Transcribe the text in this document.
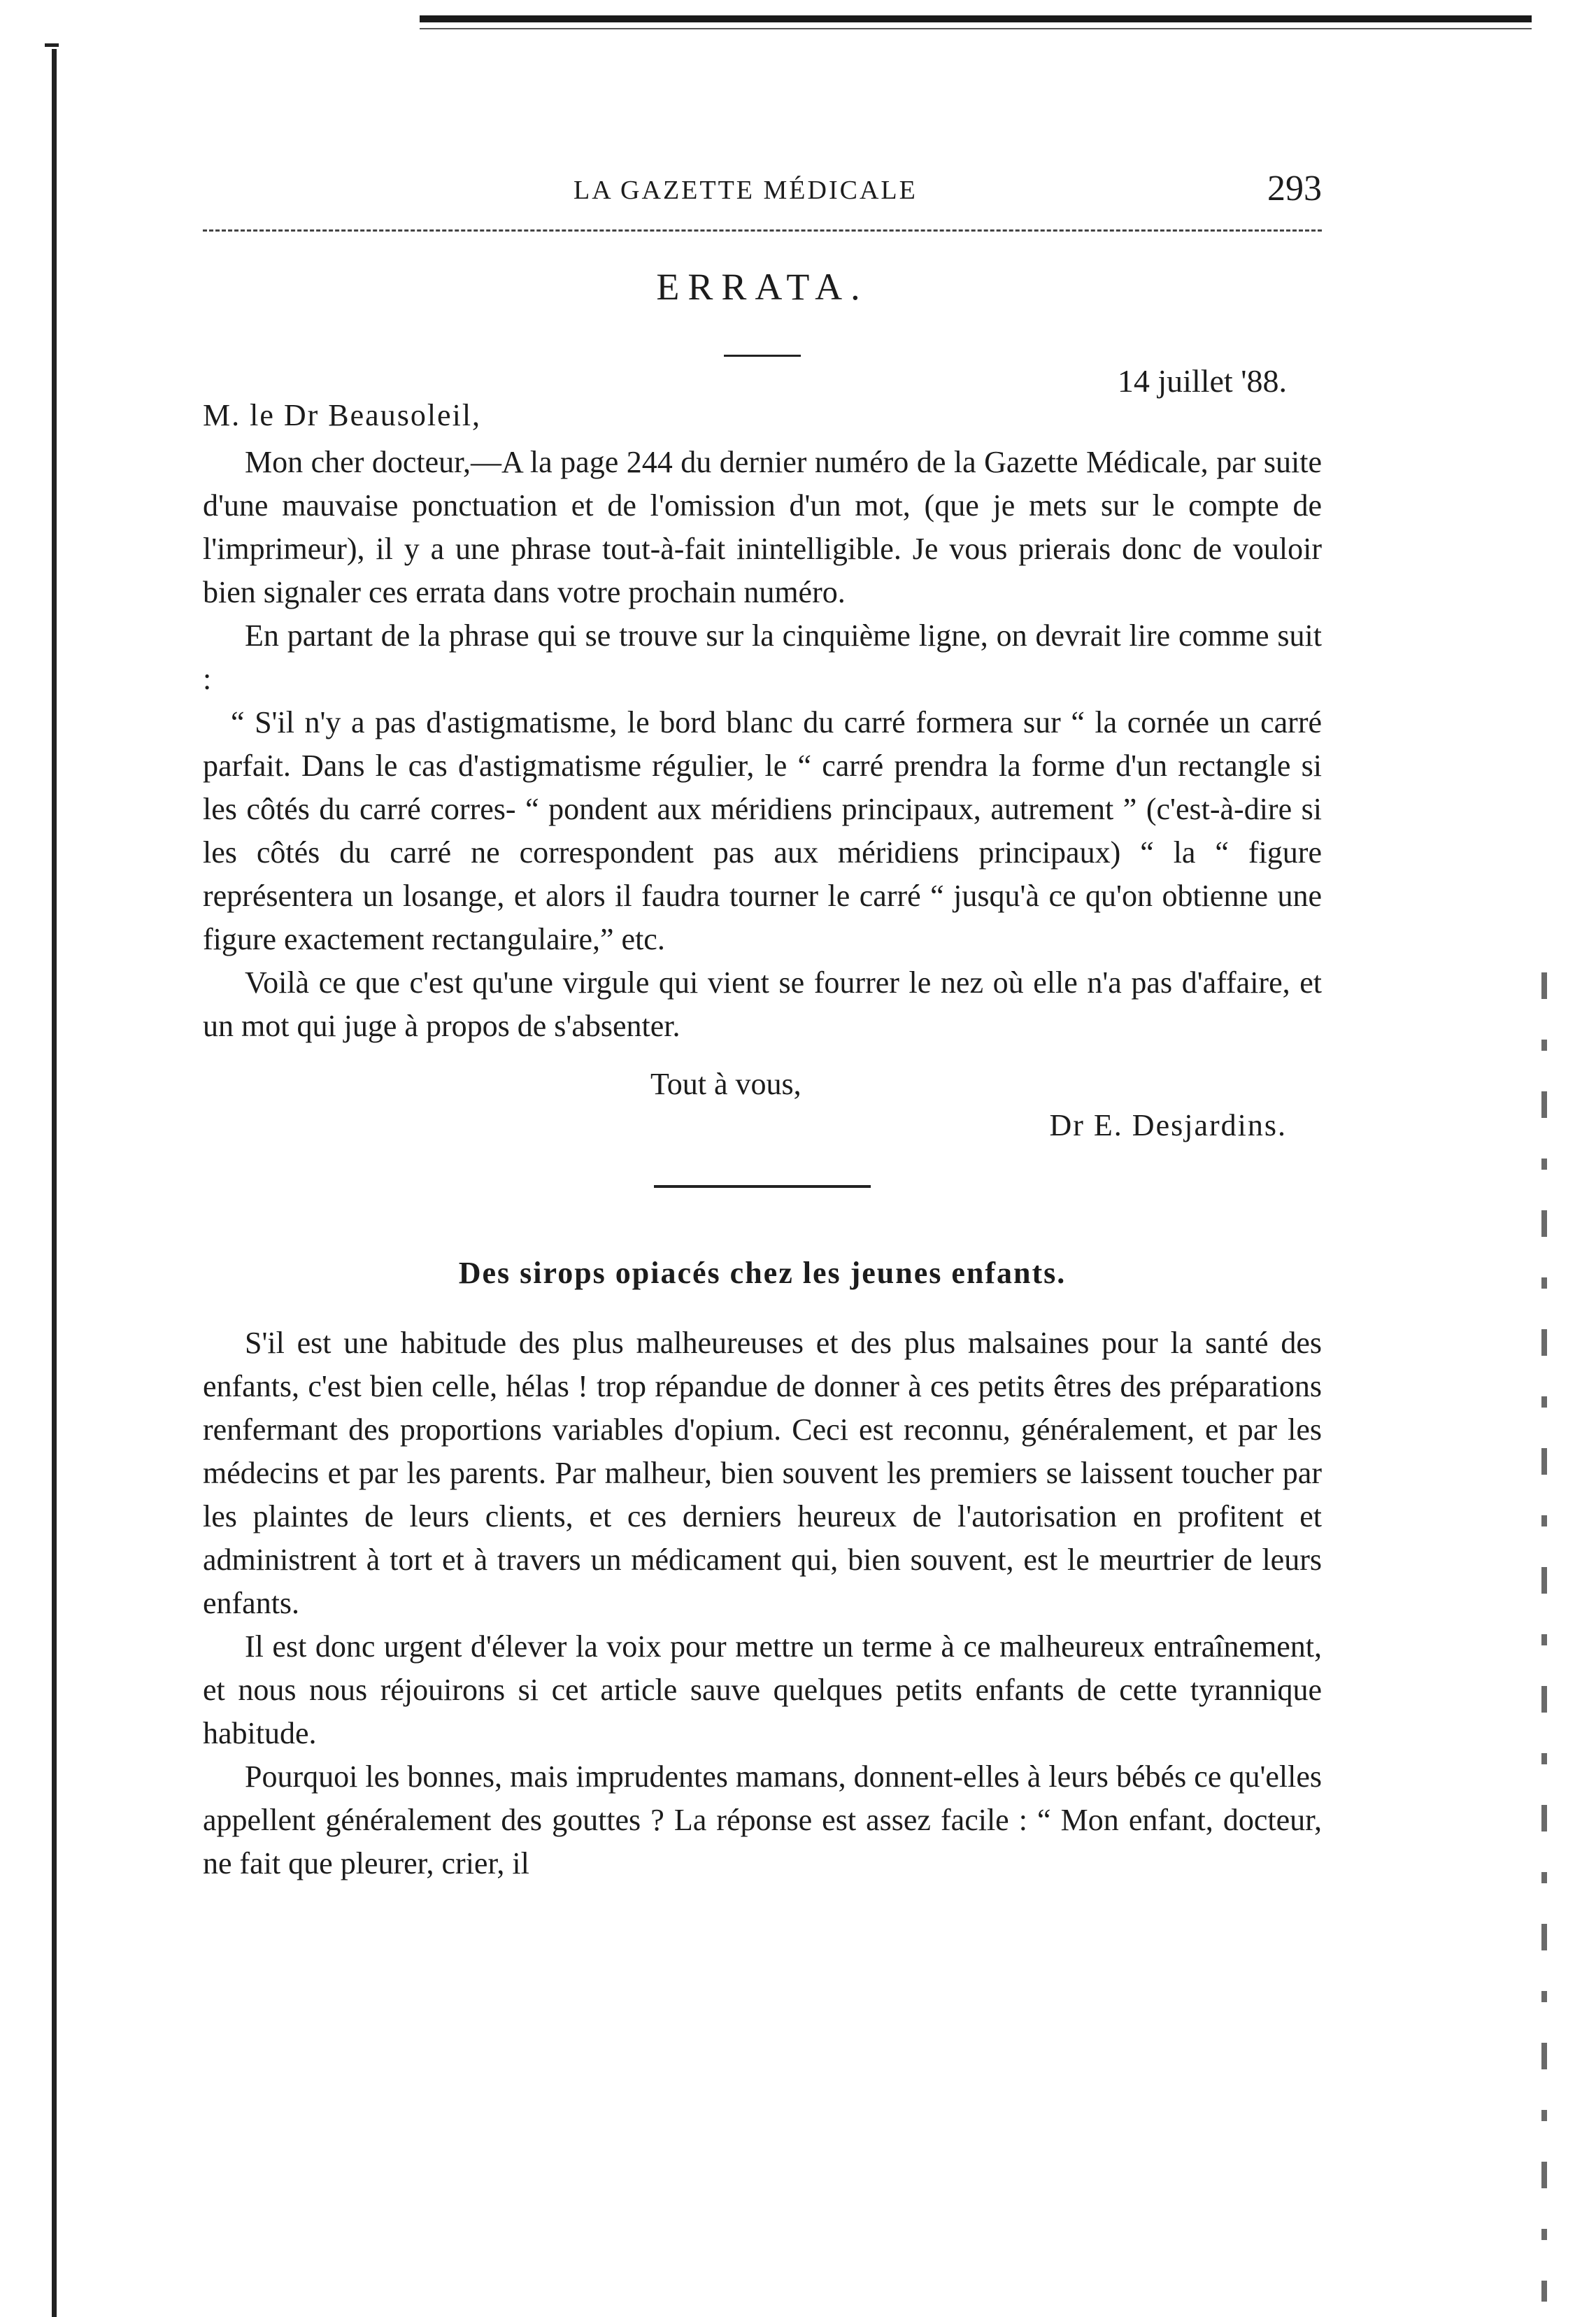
LA GAZETTE MÉDICALE	293
ERRATA.
14 juillet '88.
M. le Dr Beausoleil,

Mon cher docteur,—A la page 244 du dernier numéro de la Gazette Médicale, par suite d'une mauvaise ponctuation et de l'omission d'un mot, (que je mets sur le compte de l'imprimeur), il y a une phrase tout-à-fait inintelligible. Je vous prierais donc de vouloir bien signaler ces errata dans votre prochain numéro.

En partant de la phrase qui se trouve sur la cinquième ligne, on devrait lire comme suit :

“ S'il n'y a pas d'astigmatisme, le bord blanc du carré formera sur “ la cornée un carré parfait. Dans le cas d'astigmatisme régulier, le “ carré prendra la forme d'un rectangle si les côtés du carré corres- “ pondent aux méridiens principaux, autrement ” (c'est-à-dire si les côtés du carré ne correspondent pas aux méridiens principaux) “ la “ figure représentera un losange, et alors il faudra tourner le carré “ jusqu'à ce qu'on obtienne une figure exactement rectangulaire,” etc.

Voilà ce que c'est qu'une virgule qui vient se fourrer le nez où elle n'a pas d'affaire, et un mot qui juge à propos de s'absenter.

Tout à vous,
Dr E. Desjardins.
Des sirops opiacés chez les jeunes enfants.

S'il est une habitude des plus malheureuses et des plus malsaines pour la santé des enfants, c'est bien celle, hélas ! trop répandue de donner à ces petits êtres des préparations renfermant des proportions variables d'opium. Ceci est reconnu, généralement, et par les médecins et par les parents. Par malheur, bien souvent les premiers se laissent toucher par les plaintes de leurs clients, et ces derniers heureux de l'autorisation en profitent et administrent à tort et à travers un médicament qui, bien souvent, est le meurtrier de leurs enfants.

Il est donc urgent d'élever la voix pour mettre un terme à ce malheureux entraînement, et nous nous réjouirons si cet article sauve quelques petits enfants de cette tyrannique habitude.

Pourquoi les bonnes, mais imprudentes mamans, donnent-elles à leurs bébés ce qu'elles appellent généralement des gouttes ? La réponse est assez facile : “ Mon enfant, docteur, ne fait que pleurer, crier, il
